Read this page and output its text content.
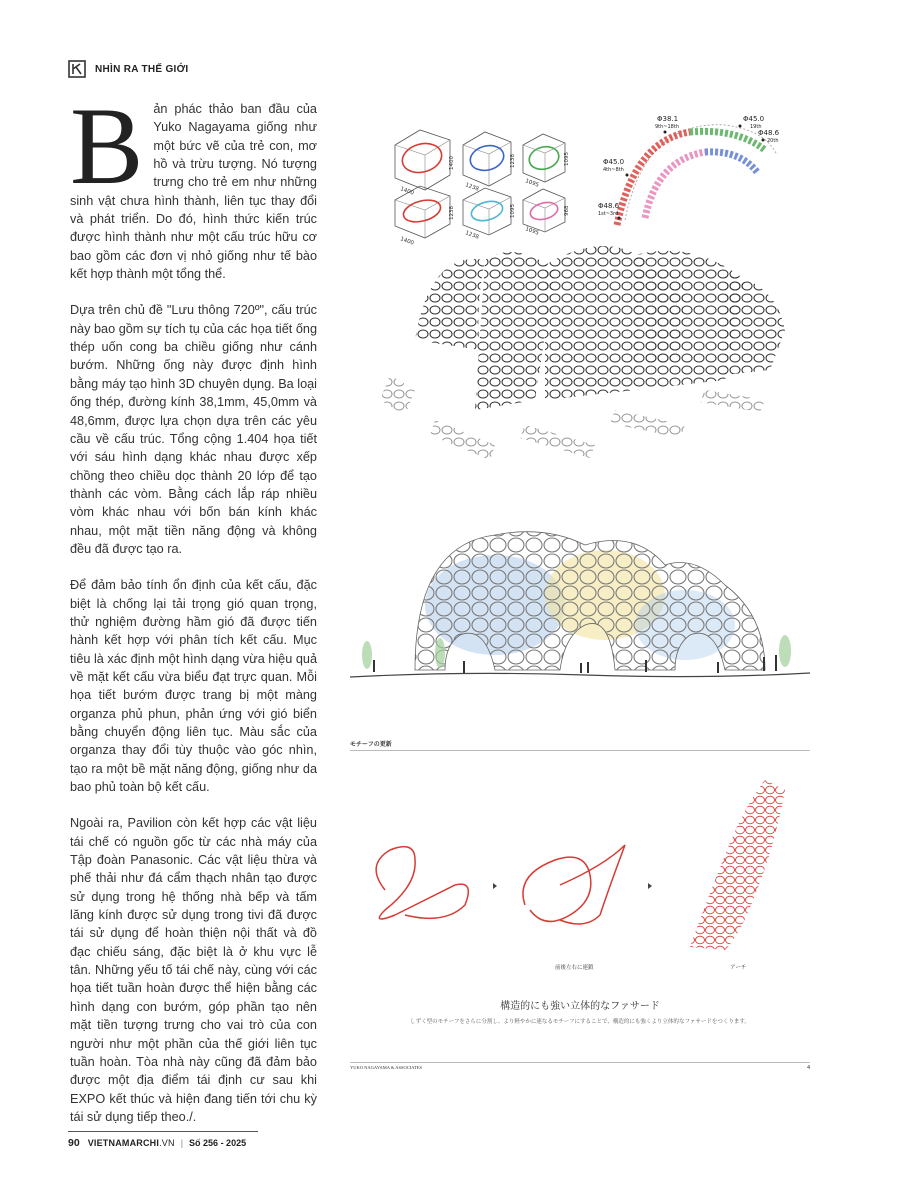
NHÌN RA THẾ GIỚI

Bản phác thảo ban đầu của Yuko Nagayama giống như một bức vẽ của trẻ con, mơ hồ và trừu tượng. Nó tượng trưng cho trẻ em như những sinh vật chưa hình thành, liên tục thay đổi và phát triển. Do đó, hình thức kiến trúc được hình thành như một cấu trúc hữu cơ bao gồm các đơn vị nhỏ giống như tế bào kết hợp thành một tổng thể.

Dựa trên chủ đề "Lưu thông 720º", cấu trúc này bao gồm sự tích tụ của các họa tiết ống thép uốn cong ba chiều giống như cánh bướm. Những ống này được định hình bằng máy tạo hình 3D chuyên dụng. Ba loại ống thép, đường kính 38,1mm, 45,0mm và 48,6mm, được lựa chọn dựa trên các yêu cầu về cấu trúc. Tổng cộng 1.404 họa tiết với sáu hình dạng khác nhau được xếp chồng theo chiều dọc thành 20 lớp để tạo thành các vòm. Bằng cách lắp ráp nhiều vòm khác nhau với bốn bán kính khác nhau, một mặt tiền năng động và không đều đã được tạo ra.

Để đảm bảo tính ổn định của kết cấu, đặc biệt là chống lại tải trọng gió quan trọng, thử nghiệm đường hầm gió đã được tiến hành kết hợp với phân tích kết cấu. Mục tiêu là xác định một hình dạng vừa hiệu quả về mặt kết cấu vừa biểu đạt trực quan. Mỗi họa tiết bướm được trang bị một màng organza phủ phun, phản ứng với gió biển bằng chuyển động liên tục. Màu sắc của organza thay đổi tùy thuộc vào góc nhìn, tạo ra một bề mặt năng động, giống như da bao phủ toàn bộ kết cấu.

Ngoài ra, Pavilion còn kết hợp các vật liệu tái chế có nguồn gốc từ các nhà máy của Tập đoàn Panasonic. Các vật liệu thừa và phế thải như đá cẩm thạch nhân tạo được sử dụng trong hệ thống nhà bếp và tấm lăng kính được sử dụng trong tivi đã được tái sử dụng để hoàn thiện nội thất và đồ đạc chiếu sáng, đặc biệt là ở khu vực lễ tân. Những yếu tố tái chế này, cùng với các họa tiết tuần hoàn được thể hiện bằng các hình dạng con bướm, góp phần tạo nên mặt tiền tượng trưng cho vai trò của con người như một phần của thế giới liên tục tuần hoàn. Tòa nhà này cũng đã đảm bảo được một địa điểm tái định cư sau khi EXPO kết thúc và hiện đang tiến tới chu kỳ tái sử dụng tiếp theo./.

1400
1400
1238
1238
1095
1095
1400
1238
1238
1095
1095
968
Φ38.1
9th~18th
Φ45.0
19th
Φ48.6
20th
Φ45.0
4th~8th
Φ48.6
1st~3rd
モチーフの更新
前後左右に連鎖	アーチ
構造的にも強い立体的なファサード
しずく型のモチーフをさらに分割し、より軽やかに連なるモチーフにすることで、構造的にも強くより立体的なファサードをつくります。
YUKO NAGAYAMA & ASSOCIATES	4
90 VIETNAMARCHI.VN | Số 256 - 2025
